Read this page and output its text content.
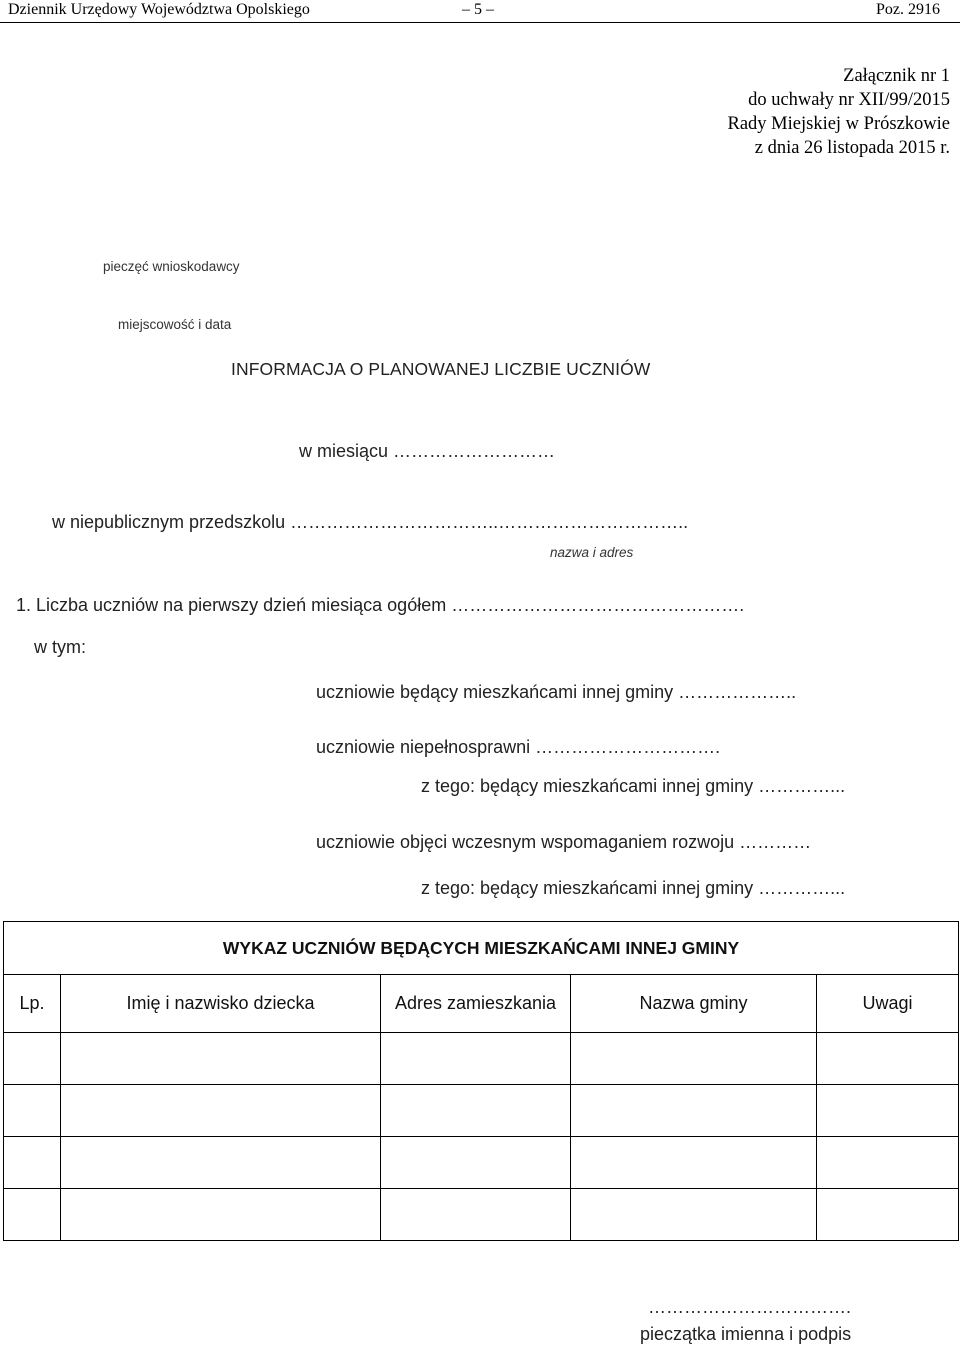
Dziennik Urzędowy Województwa Opolskiego	– 5 –	Poz. 2916
Załącznik nr 1
do uchwały nr XII/99/2015
Rady Miejskiej w Prószkowie
z dnia 26 listopada 2015 r.
pieczęć wnioskodawcy
miejscowość i data
INFORMACJA O PLANOWANEJ LICZBIE UCZNIÓW
w miesiącu ………………………
w niepublicznym przedszkolu ……………………………..…………………………..
nazwa i adres
1. Liczba uczniów na pierwszy dzień miesiąca ogółem ………………………………………….
w tym:
uczniowie będący mieszkańcami innej gminy ………………..
uczniowie niepełnosprawni ………………………….
z tego: będący mieszkańcami innej gminy …………...
uczniowie objęci wczesnym wspomaganiem rozwoju …………
z tego: będący mieszkańcami innej gminy …………...
WYKAZ UCZNIÓW BĘDĄCYCH MIESZKAŃCAMI INNEJ GMINY				
Lp.	Imię i nazwisko dziecka	Adres zamieszkania	Nazwa gminy	Uwagi

…………………………….
pieczątka imienna i podpis
